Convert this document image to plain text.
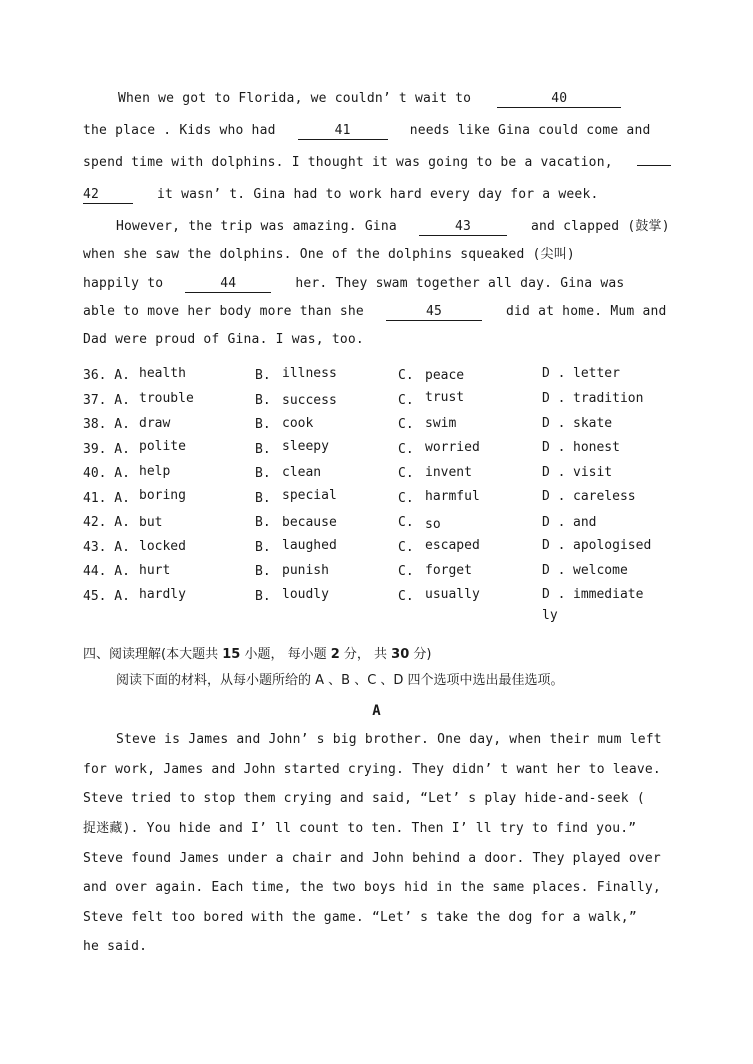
When we got to Florida, we couldn’ t wait to	40
the place . Kids who had	41	needs like Gina could come and
spend time with dolphins. I thought it was going to be a vacation,
42	it wasn’ t. Gina had to work hard every day for a week.
However, the trip was amazing. Gina	43	and clapped (鼓掌)
when she saw the dolphins. One of the dolphins squeaked (尖叫)
happily to	44	her. They swam together all day. Gina was
able to move her body more than she	45	did at home. Mum and
Dad were proud of Gina. I was, too.
36. A. health	B. illness	C. peace	D . letter
37. A. trouble	B. success	C. trust	D . tradition
38. A. draw	B. cook	C. swim	D . skate
39. A. polite	B. sleepy	C. worried	D . honest
40. A. help	B. clean	C. invent	D . visit
41. A. boring	B. special	C. harmful	D . careless
42. A. but	B. because	C. so	D . and
43. A. locked	B. laughed	C. escaped	D . apologised
44. A. hurt	B. punish	C. forget	D . welcome
45. A. hardly	B. loudly	C. usually	D . immediate
ly
四、阅读理解(本大题共 15 小题， 每小题 2 分， 共 30 分)
阅读下面的材料，从每小题所给的 A 、B 、C 、D 四个选项中选出最佳选项。
A
Steve is James and John’ s big brother. One day, when their mum left
for work, James and John started crying. They didn’ t want her to leave.
Steve tried to stop them crying and said, “Let’ s play hide-and-seek (
捉迷藏). You hide and I’ ll count to ten. Then I’ ll try to find you.”
Steve found James under a chair and John behind a door. They played over
and over again. Each time, the two boys hid in the same places. Finally,
Steve felt too bored with the game. “Let’ s take the dog for a walk,”
he said.
